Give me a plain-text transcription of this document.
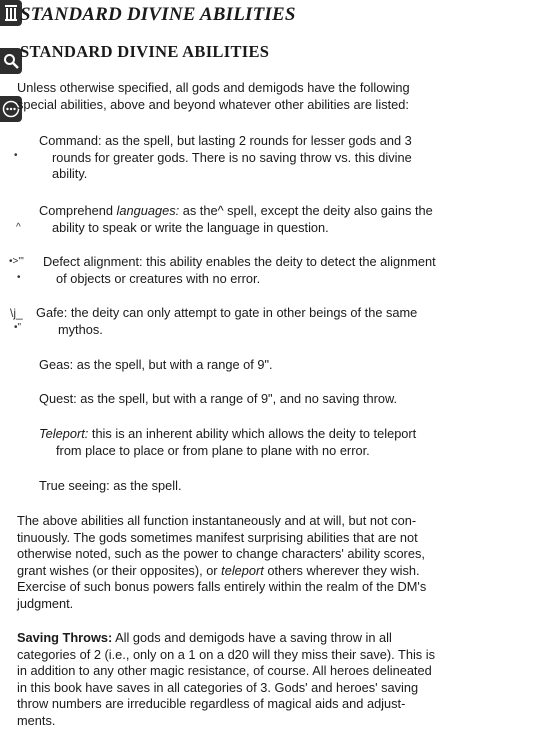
STANDARD DIVINE ABILITIES
STANDARD DIVINE ABILITIES
Unless otherwise specified, all gods and demigods have the following
special abilities, above and beyond whatever other abilities are listed:
•
Command: as the spell, but lasting 2 rounds for lesser gods and 3
rounds for greater gods. There is no saving throw vs. this divine
ability.
^
Comprehend languages: as the^ spell, except the deity also gains the
ability to speak or write the language in question.
•>'"
•
Defect alignment: this ability enables the deity to detect the alignment
of objects or creatures with no error.
\j_
•"
Gafe: the deity can only attempt to gate in other beings of the same
mythos.
Geas: as the spell, but with a range of 9".
Quest: as the spell, but with a range of 9", and no saving throw.
Teleport: this is an inherent ability which allows the deity to teleport
from place to place or from plane to plane with no error.
True seeing: as the spell.
The above abilities all function instantaneously and at will, but not con-
tinuously. The gods sometimes manifest surprising abilities that are not
otherwise noted, such as the power to change characters' ability scores,
grant wishes (or their opposites), or teleport others wherever they wish.
Exercise of such bonus powers falls entirely within the realm of the DM's
judgment.
Saving Throws: All gods and demigods have a saving throw in all
categories of 2 (i.e., only on a 1 on a d20 will they miss their save). This is
in addition to any other magic resistance, of course. All heroes delineated
in this book have saves in all categories of 3. Gods' and heroes' saving
throw numbers are irreducible regardless of magical aids and adjust-
ments.
